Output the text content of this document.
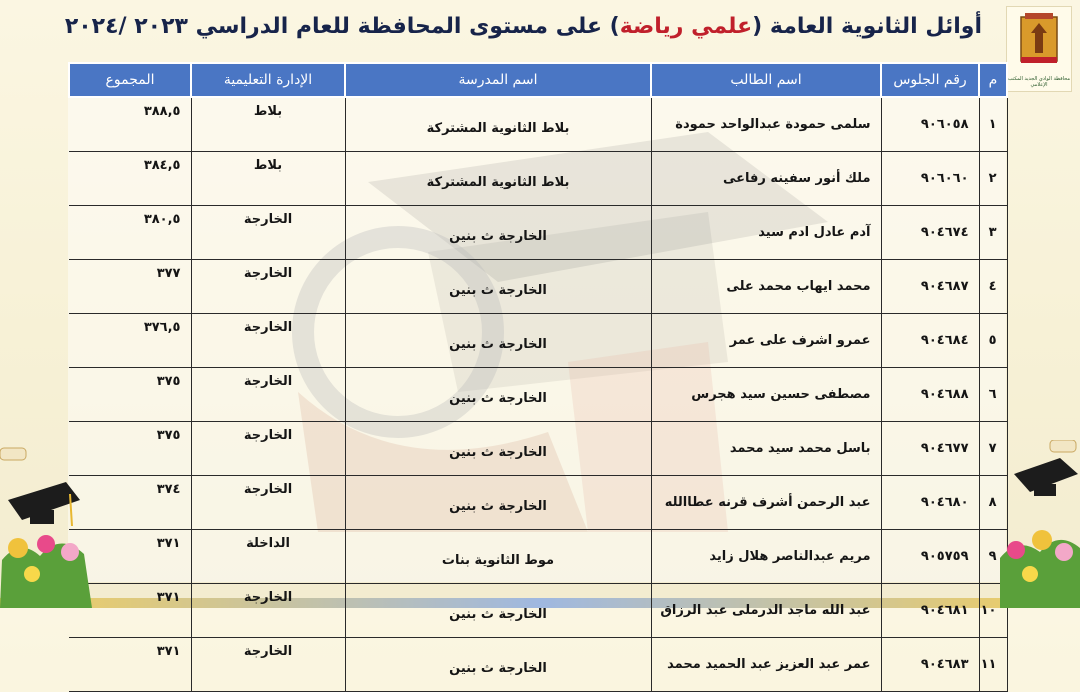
أوائل الثانوية العامة (علمي رياضة) على مستوى المحافظة للعام الدراسي ٢٠٢٣ /٢٠٢٤
محافظة الوادي الجديد المكتب الإعلامي
م	رقم الجلوس	اسم الطالب	اسم المدرسة	الإدارة التعليمية	المجموع
١	٩٠٦٠٥٨	سلمى حمودة عبدالواحد حمودة	بلاط الثانوية المشتركة	بلاط	٣٨٨,٥
٢	٩٠٦٠٦٠	ملك أنور سفينه رفاعى	بلاط الثانوية المشتركة	بلاط	٣٨٤,٥
٣	٩٠٤٦٧٤	آدم عادل ادم سيد	الخارجة ث بنين	الخارجة	٣٨٠,٥
٤	٩٠٤٦٨٧	محمد ايهاب محمد على	الخارجة ث بنين	الخارجة	٣٧٧
٥	٩٠٤٦٨٤	عمرو اشرف على عمر	الخارجة ث بنين	الخارجة	٣٧٦,٥
٦	٩٠٤٦٨٨	مصطفى حسين سيد هجرس	الخارجة ث بنين	الخارجة	٣٧٥
٧	٩٠٤٦٧٧	باسل محمد سيد محمد	الخارجة ث بنين	الخارجة	٣٧٥
٨	٩٠٤٦٨٠	عبد الرحمن أشرف قرنه عطاالله	الخارجة ث بنين	الخارجة	٣٧٤
٩	٩٠٥٧٥٩	مريم عبدالناصر هلال زايد	موط الثانوية بنات	الداخلة	٣٧١
١٠	٩٠٤٦٨١	عبد الله ماجد الدرملى عبد الرزاق	الخارجة ث بنين	الخارجة	٣٧١
١١	٩٠٤٦٨٣	عمر عبد العزيز عبد الحميد محمد	الخارجة ث بنين	الخارجة	٣٧١
